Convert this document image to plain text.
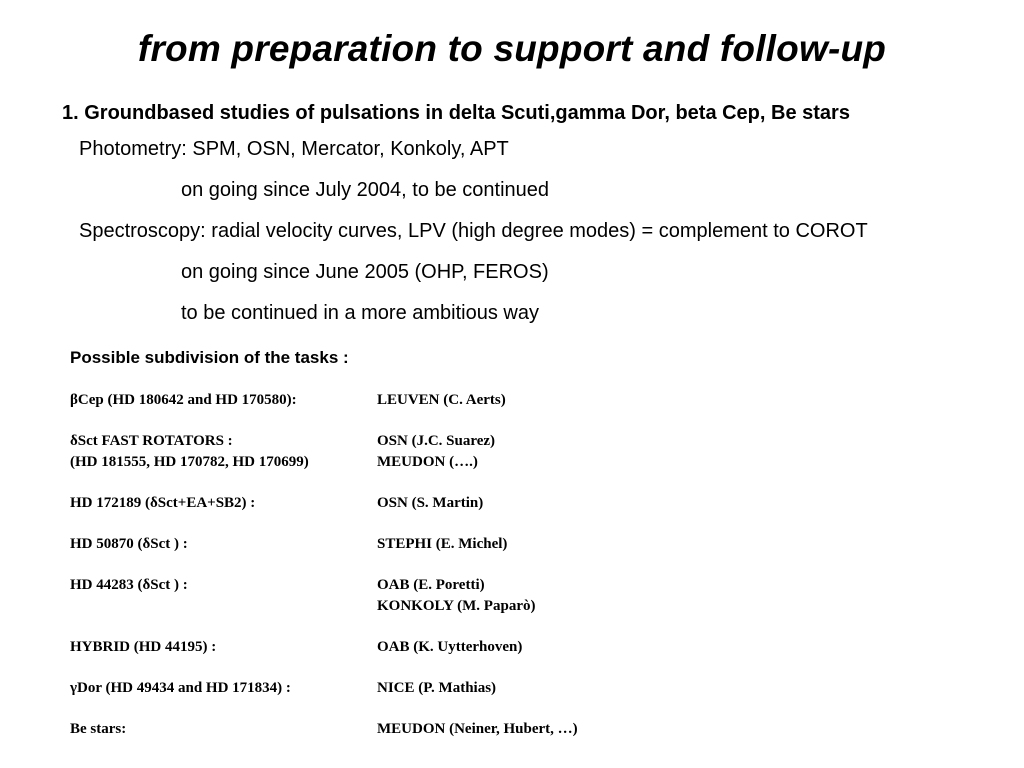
from preparation to support and follow-up
1. Groundbased studies of pulsations in delta Scuti,gamma Dor, beta Cep, Be stars
Photometry: SPM, OSN, Mercator, Konkoly, APT
on going since July 2004, to be continued
Spectroscopy: radial velocity curves, LPV (high degree modes) = complement to COROT
on going since June 2005 (OHP, FEROS)
to be continued in a more ambitious way
Possible subdivision of the tasks :
βCep (HD 180642 and HD 170580):	LEUVEN (C. Aerts)
δSct FAST ROTATORS :	OSN (J.C. Suarez)
(HD 181555, HD 170782, HD 170699)	MEUDON (….)
HD 172189 (δSct+EA+SB2) :	OSN (S. Martin)
HD 50870 (δSct ) :	STEPHI (E. Michel)
HD 44283 (δSct ) :	OAB (E. Poretti)
KONKOLY (M. Paparò)
HYBRID (HD 44195) :	OAB (K. Uytterhoven)
γDor (HD 49434 and HD 171834) :	NICE (P. Mathias)
Be stars:	MEUDON (Neiner, Hubert, …)
